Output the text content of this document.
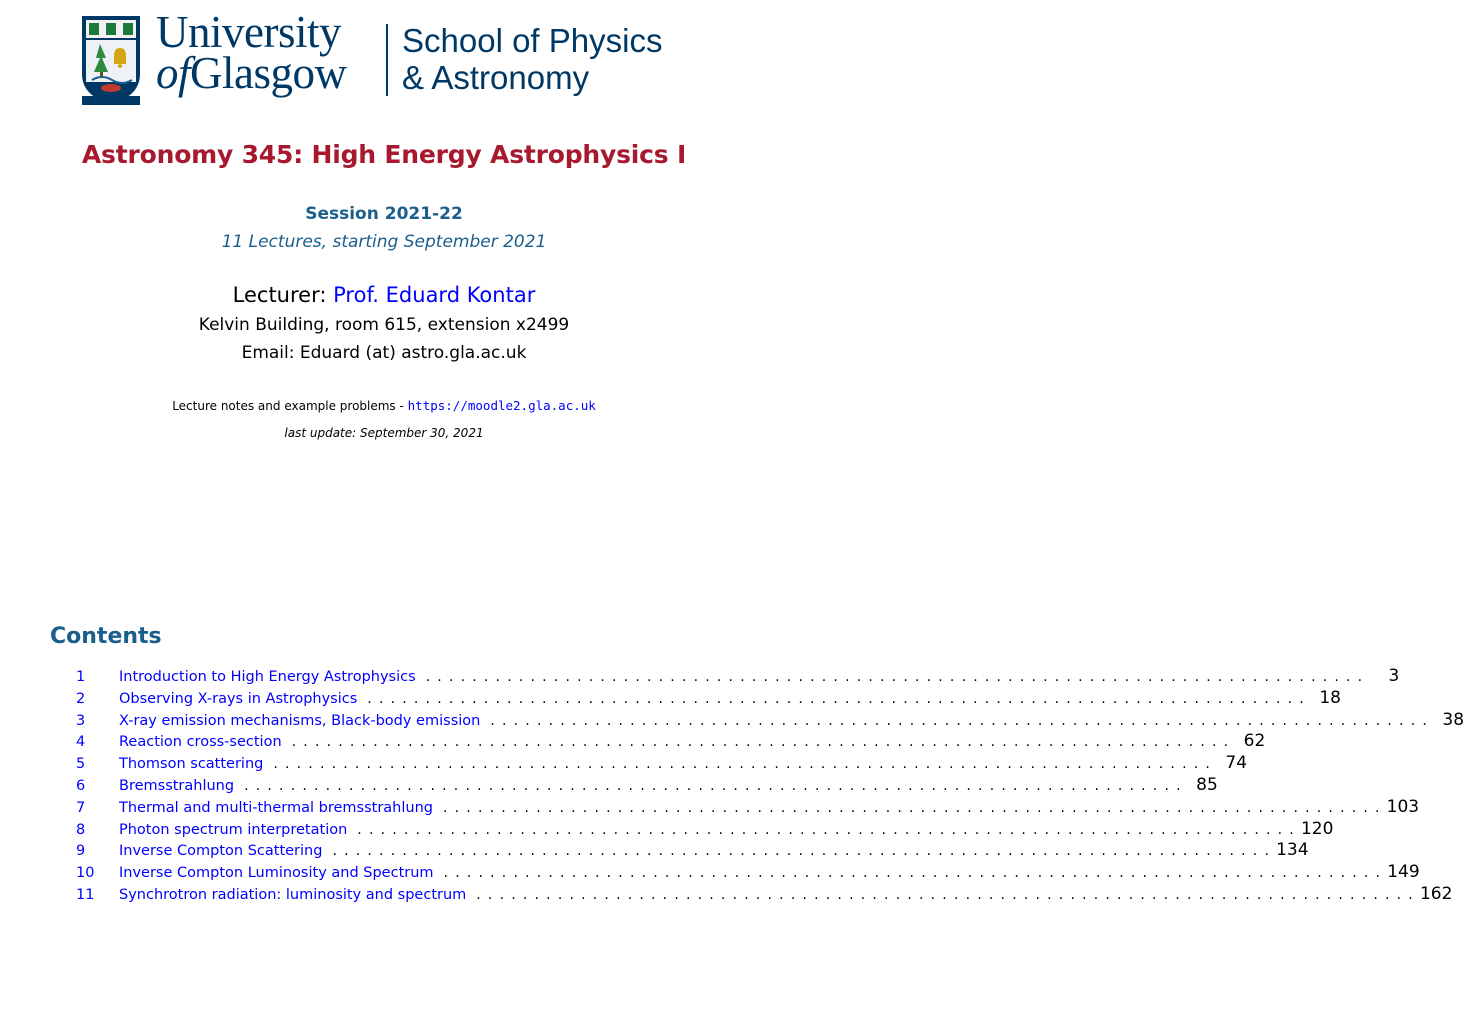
University
ofGlasgow
School of Physics
& Astronomy
Astronomy 345: High Energy Astrophysics I
Session 2021-22
11 Lectures, starting September 2021
Lecturer: Prof. Eduard Kontar
Kelvin Building, room 615, extension x2499
Email: Eduard (at) astro.gla.ac.uk
Lecture notes and example problems - https://moodle2.gla.ac.uk
last update: September 30, 2021
Contents
1	Introduction to High Energy Astrophysics .................................................................................	3
2	Observing X-rays in Astrophysics ................................................................................. 18
3	X-ray emission mechanisms, Black-body emission ................................................................................. 38
4	Reaction cross-section ................................................................................. 62
5	Thomson scattering ................................................................................. 74
6	Bremsstrahlung ................................................................................. 85
7	Thermal and multi-thermal bremsstrahlung ................................................................................. 103
8	Photon spectrum interpretation ................................................................................. 120
9	Inverse Compton Scattering ................................................................................. 134
10	Inverse Compton Luminosity and Spectrum ................................................................................. 149
11	Synchrotron radiation: luminosity and spectrum ................................................................................. 162
